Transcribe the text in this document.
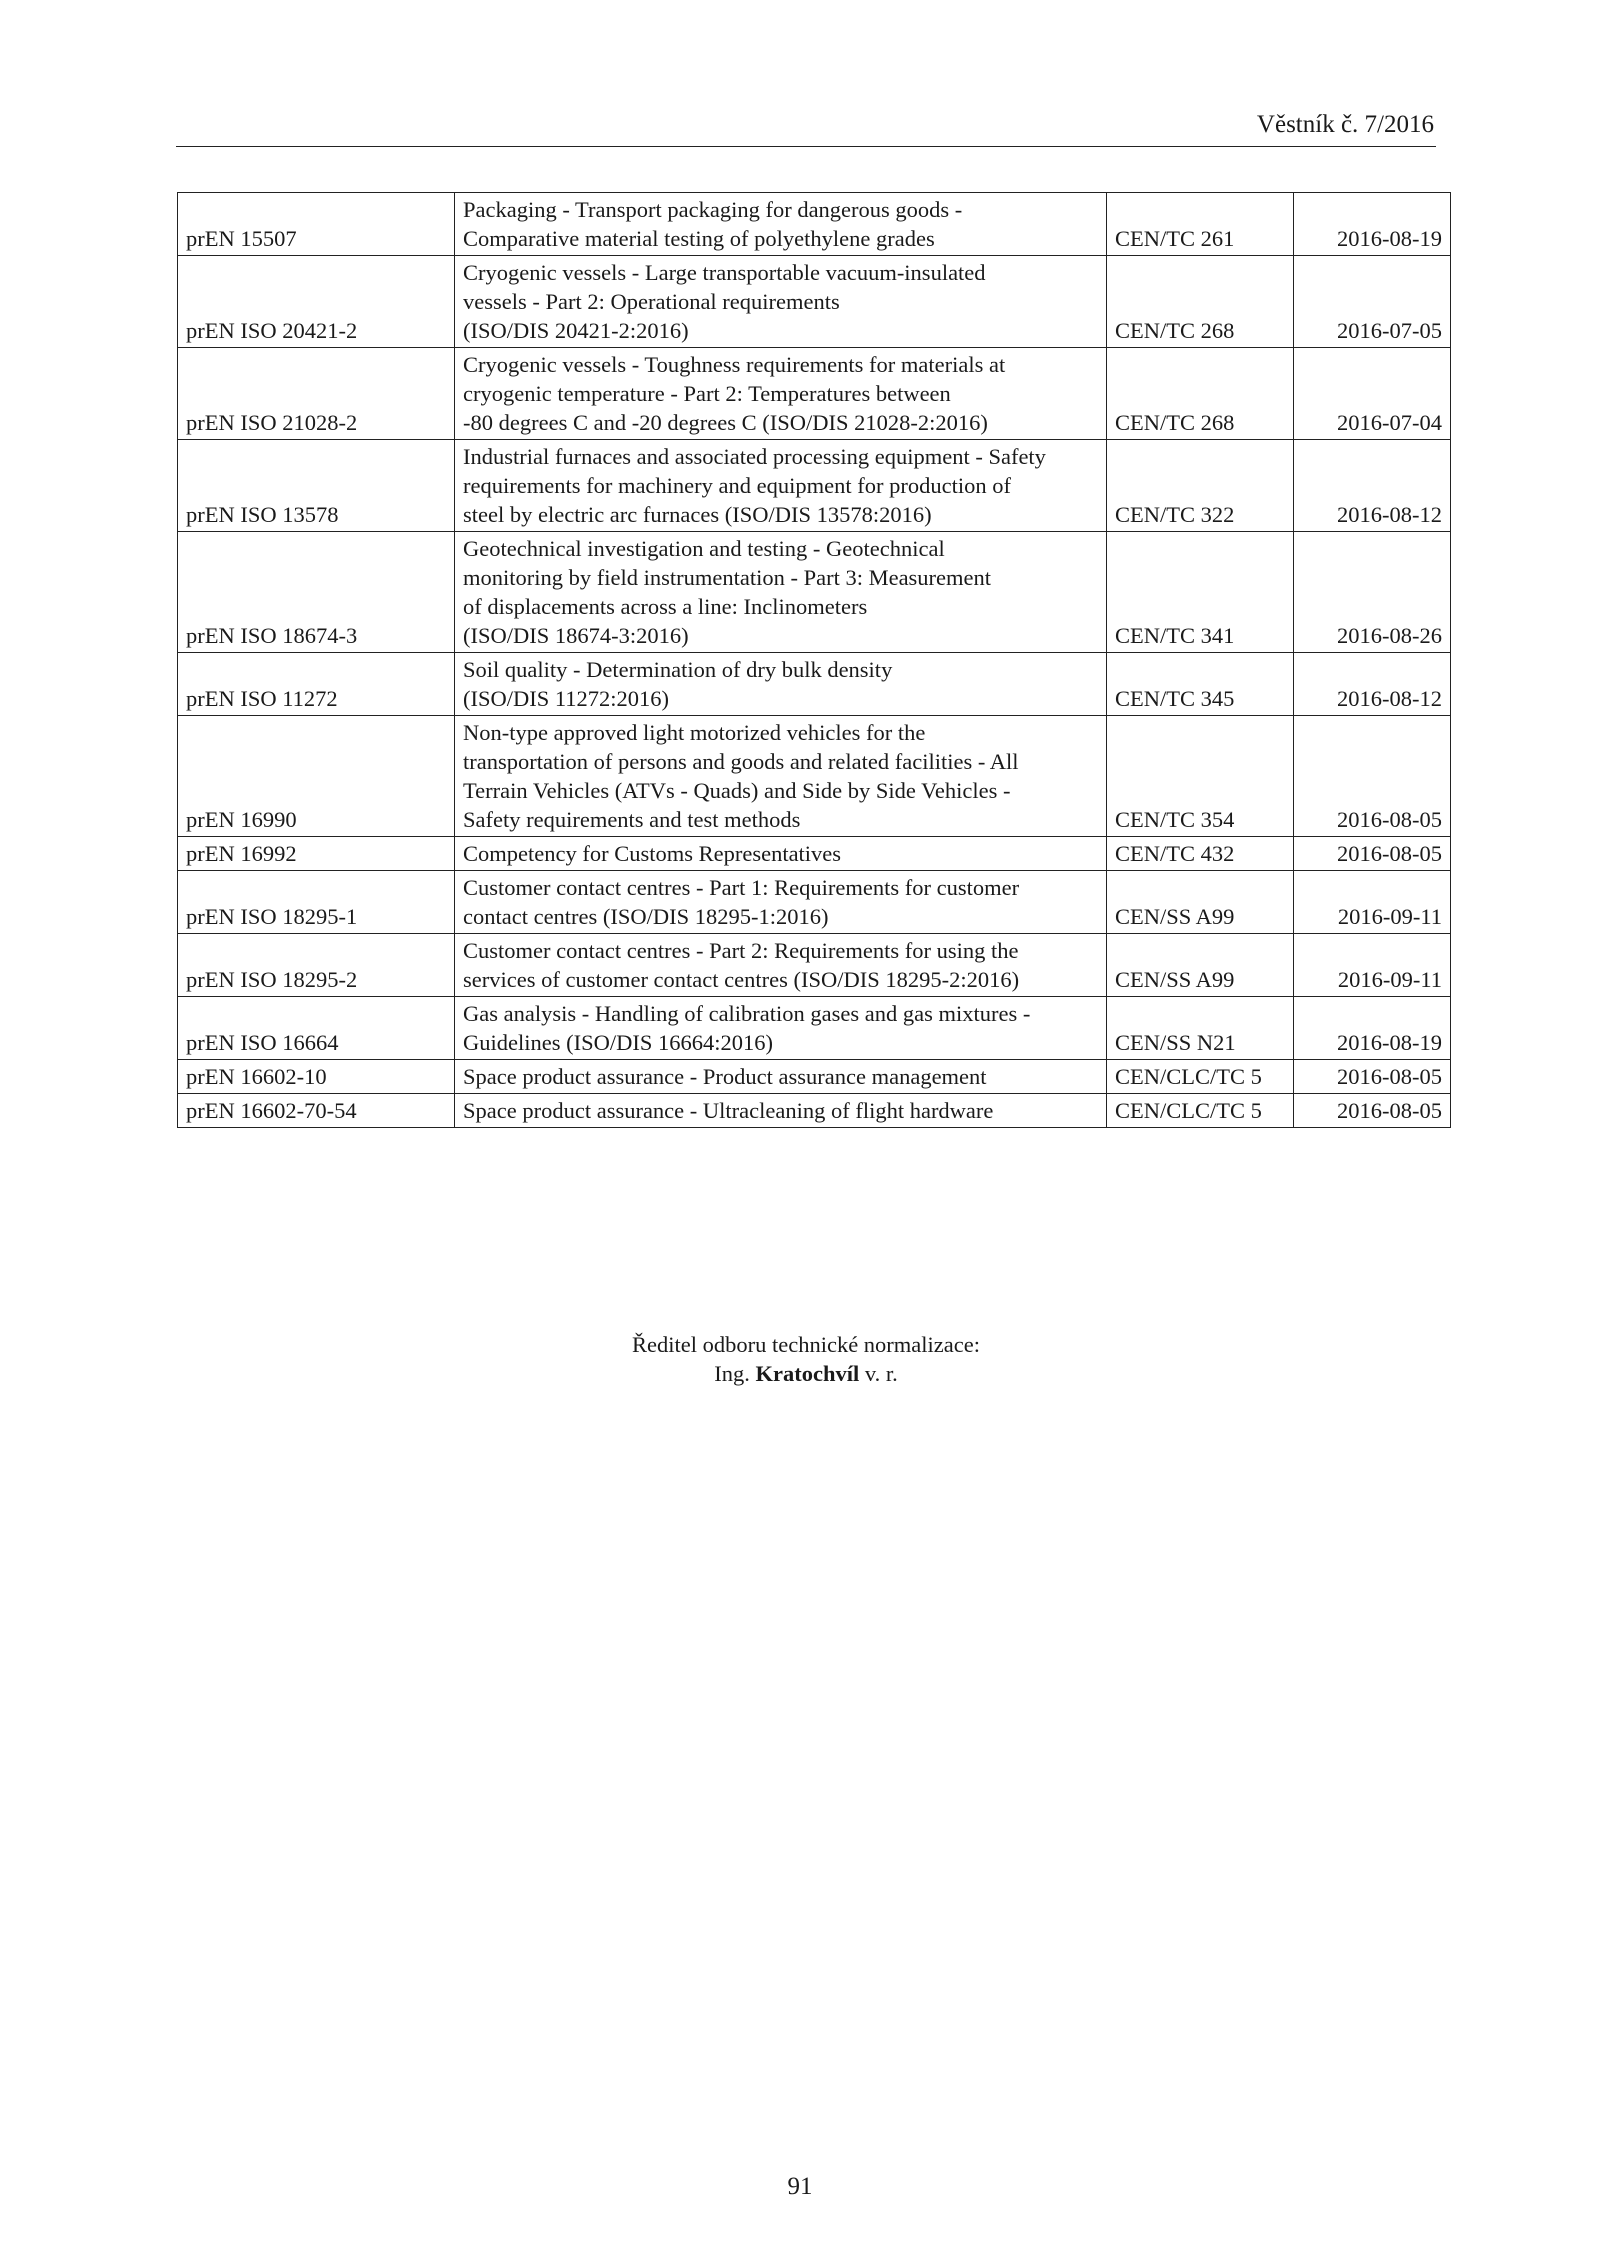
Věstník č. 7/2016
prEN 15507	Packaging - Transport packaging for dangerous goods -
Comparative material testing of polyethylene grades	CEN/TC 261	2016-08-19
prEN ISO 20421-2	Cryogenic vessels - Large transportable vacuum-insulated
vessels - Part 2: Operational requirements
(ISO/DIS 20421-2:2016)	CEN/TC 268	2016-07-05
prEN ISO 21028-2	Cryogenic vessels - Toughness requirements for materials at
cryogenic temperature - Part 2: Temperatures between
-80 degrees C and -20 degrees C (ISO/DIS 21028-2:2016)	CEN/TC 268	2016-07-04
prEN ISO 13578	Industrial furnaces and associated processing equipment - Safety
requirements for machinery and equipment for production of
steel by electric arc furnaces (ISO/DIS 13578:2016)	CEN/TC 322	2016-08-12
prEN ISO 18674-3	Geotechnical investigation and testing - Geotechnical
monitoring by field instrumentation - Part 3: Measurement
of displacements across a line: Inclinometers
(ISO/DIS 18674-3:2016)	CEN/TC 341	2016-08-26
prEN ISO 11272	Soil quality - Determination of dry bulk density
(ISO/DIS 11272:2016)	CEN/TC 345	2016-08-12
prEN 16990	Non-type approved light motorized vehicles for the
transportation of persons and goods and related facilities - All
Terrain Vehicles (ATVs - Quads) and Side by Side Vehicles -
Safety requirements and test methods	CEN/TC 354	2016-08-05
prEN 16992	Competency for Customs Representatives	CEN/TC 432	2016-08-05
prEN ISO 18295-1	Customer contact centres - Part 1: Requirements for customer
contact centres (ISO/DIS 18295-1:2016)	CEN/SS A99	2016-09-11
prEN ISO 18295-2	Customer contact centres - Part 2: Requirements for using the
services of customer contact centres (ISO/DIS 18295-2:2016)	CEN/SS A99	2016-09-11
prEN ISO 16664	Gas analysis - Handling of calibration gases and gas mixtures -
Guidelines (ISO/DIS 16664:2016)	CEN/SS N21	2016-08-19
prEN 16602-10	Space product assurance - Product assurance management	CEN/CLC/TC 5	2016-08-05
prEN 16602-70-54	Space product assurance - Ultracleaning of flight hardware	CEN/CLC/TC 5	2016-08-05
Ředitel odboru technické normalizace:
Ing. Kratochvíl v. r.
91
